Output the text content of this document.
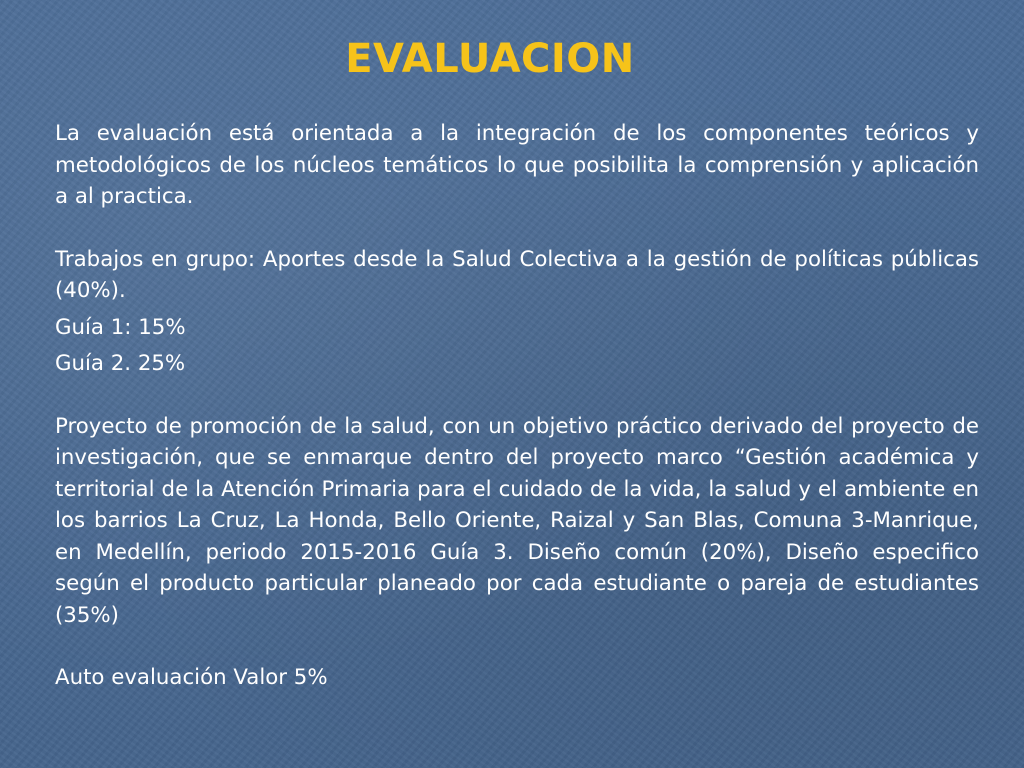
EVALUACION

La evaluación está orientada a la integración de los componentes teóricos y metodológicos de los núcleos temáticos lo que posibilita la comprensión y aplicación a al practica.

Trabajos en grupo: Aportes desde la Salud Colectiva a la gestión de políticas públicas (40%).

Guía 1: 15%

Guía 2. 25%

Proyecto de promoción de la salud, con un objetivo práctico derivado del proyecto de investigación, que se enmarque dentro del proyecto marco “Gestión académica y territorial de la Atención Primaria para el cuidado de la vida, la salud y el ambiente en los barrios La Cruz, La Honda, Bello Oriente, Raizal y San Blas, Comuna 3-Manrique, en Medellín, periodo 2015-2016 Guía 3. Diseño común (20%), Diseño especifico según el producto particular planeado por cada estudiante o pareja de estudiantes (35%)

Auto evaluación Valor 5%
